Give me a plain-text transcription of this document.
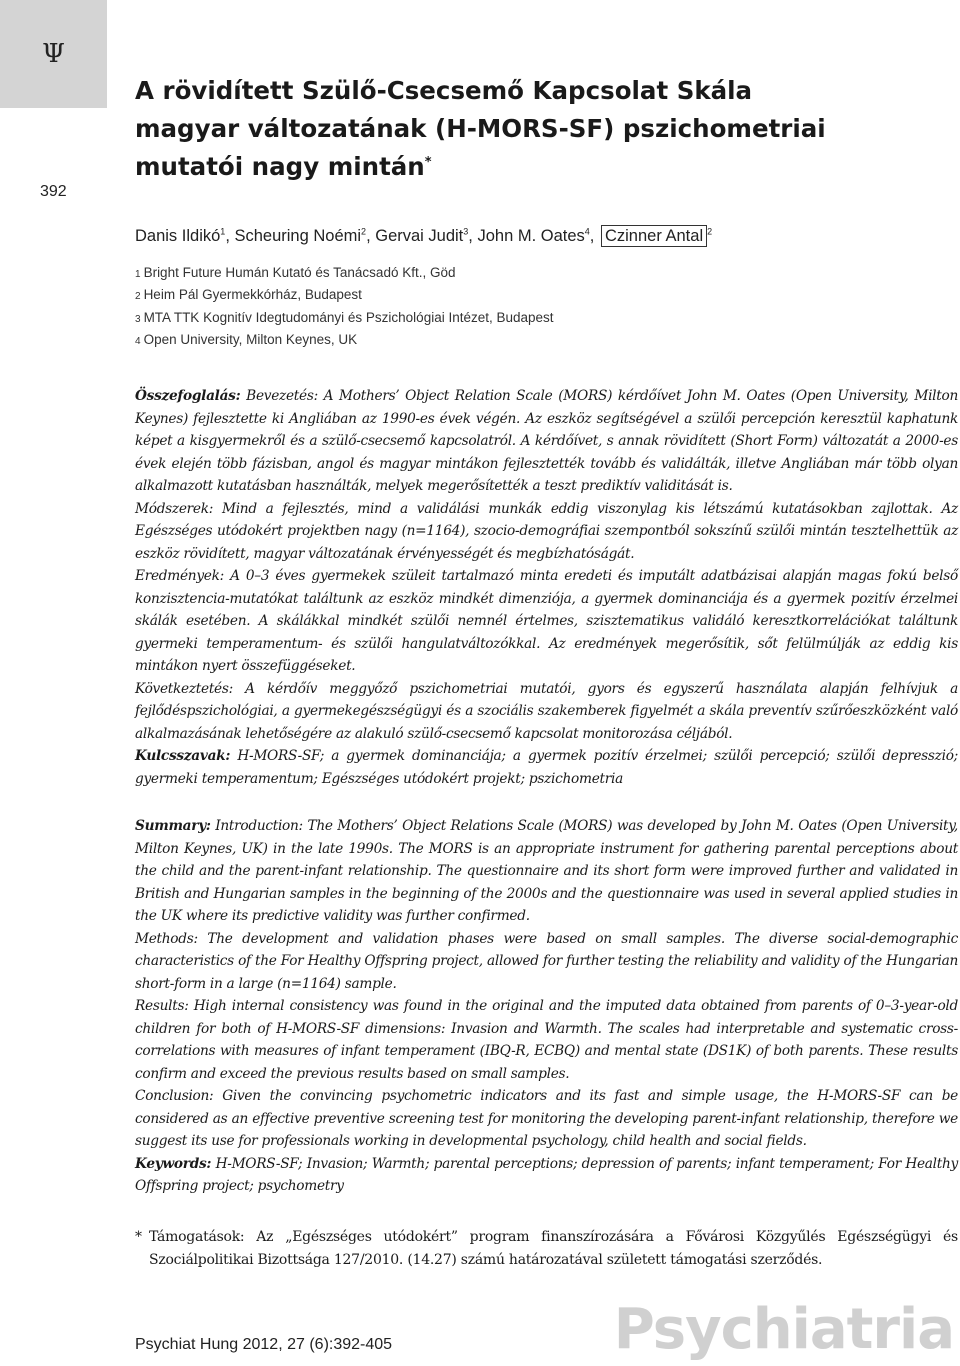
Ψ
392
A rövidített Szülő-Csecsemő Kapcsolat Skála
magyar változatának (H-MORS-SF) pszichometriai
mutatói nagy mintán*
Danis Ildikó$^1$, Scheuring Noémi$^2$, Gervai Judit$^3$, John M. Oates$^4$, Czinner Antal $^2$
1 Bright Future Humán Kutató és Tanácsadó Kft., Göd
2 Heim Pál Gyermekkórház, Budapest
3 MTA TTK Kognitív Idegtudományi és Pszichológiai Intézet, Budapest
4 Open University, Milton Keynes, UK

Összefoglalás: Bevezetés: A Mothers’ Object Relation Scale (MORS) kérdőívet John M. Oates (Open University, Milton Keynes) fejlesztette ki Angliában az 1990-es évek végén. Az eszköz segítségével a szülői percepción keresztül kaphatunk képet a kisgyermekről és a szülő-csecsemő kapcsolatról. A kérdőívet, s annak rövidített (Short Form) változatát a 2000-es évek elején több fázisban, angol és magyar mintákon fejlesztették tovább és validálták, illetve Angliában már több olyan alkalmazott kutatásban használták, melyek megerősítették a teszt prediktív validitását is.

Módszerek: Mind a fejlesztés, mind a validálási munkák eddig viszonylag kis létszámú kutatásokban zajlottak. Az Egészséges utódokért projektben nagy (n=1164), szocio-demográfiai szempontból sokszínű szülői mintán tesztelhettük az eszköz rövidített, magyar változatának érvényességét és megbízhatóságát.

Eredmények: A 0–3 éves gyermekek szüleit tartalmazó minta eredeti és imputált adatbázisai alapján magas fokú belső konzisztencia-mutatókat találtunk az eszköz mindkét dimenziója, a gyermek dominanciája és a gyermek pozitív érzelmei skálák esetében. A skálákkal mindkét szülői nemnél értelmes, szisztematikus validáló keresztkorrelációkat találtunk gyermeki temperamentum- és szülői hangulatváltozókkal. Az eredmények megerősítik, sőt felülmúlják az eddig kis mintákon nyert összefüggéseket.

Következtetés: A kérdőív meggyőző pszichometriai mutatói, gyors és egyszerű használata alapján felhívjuk a fejlődéspszichológiai, a gyermekegészségügyi és a szociális szakemberek figyelmét a skála preventív szűrőeszközként való alkalmazásának lehetőségére az alakuló szülő-csecsemő kapcsolat monitorozása céljából.

Kulcsszavak: H-MORS-SF; a gyermek dominanciája; a gyermek pozitív érzelmei; szülői percepció; szülői depresszió; gyermeki temperamentum; Egészséges utódokért projekt; pszichometria

Summary: Introduction: The Mothers’ Object Relations Scale (MORS) was developed by John M. Oates (Open University, Milton Keynes, UK) in the late 1990s. The MORS is an appropriate instrument for gathering parental perceptions about the child and the parent-infant relationship. The questionnaire and its short form were improved further and validated in British and Hungarian samples in the beginning of the 2000s and the questionnaire was used in several applied studies in the UK where its predictive validity was further confirmed.

Methods: The development and validation phases were based on small samples. The diverse social-demographic characteristics of the For Healthy Offspring project, allowed for further testing the reliability and validity of the Hungarian short-form in a large (n=1164) sample.

Results: High internal consistency was found in the original and the imputed data obtained from parents of 0–3-year-old children for both of H-MORS-SF dimensions: Invasion and Warmth. The scales had interpretable and systematic cross-correlations with measures of infant temperament (IBQ-R, ECBQ) and mental state (DS1K) of both parents. These results confirm and exceed the previous results based on small samples.

Conclusion: Given the convincing psychometric indicators and its fast and simple usage, the H-MORS-SF can be considered as an effective preventive screening test for monitoring the developing parent-infant relationship, therefore we suggest its use for professionals working in developmental psychology, child health and social fields.

Keywords: H-MORS-SF; Invasion; Warmth; parental perceptions; depression of parents; infant temperament; For Healthy Offspring project; psychometry

* Támogatások: Az „Egészséges utódokért” program finanszírozására a Fővárosi Közgyűlés Egészségügyi és Szociálpolitikai Bizottsága 127/2010. (14.27) számú határozatával született támogatási szerződés.
Psychiat Hung 2012, 27 (6):392-405	Psychiatria
